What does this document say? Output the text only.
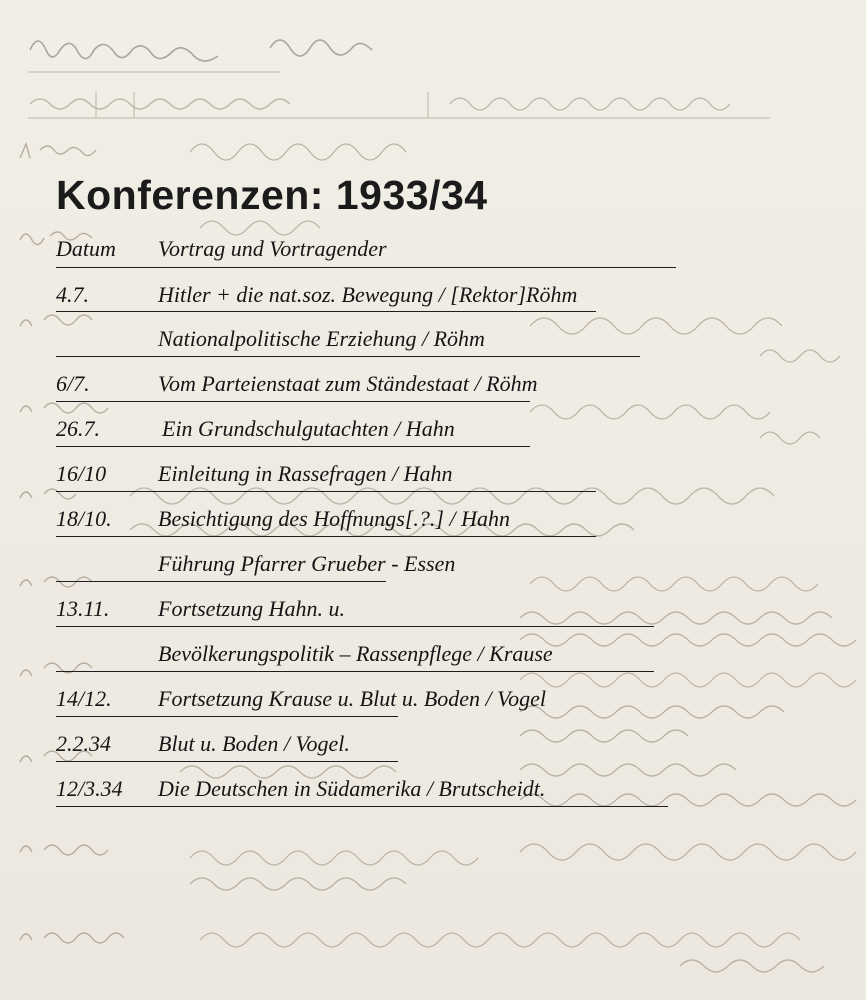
Konferenzen: 1933/34
Datum Vortrag und Vortragender
4.7.	Hitler + die nat.soz. Bewegung / [Rektor]Röhm
Nationalpolitische Erziehung / Röhm
6/7.	Vom Parteienstaat zum Ständestaat / Röhm
26.7.	Ein Grundschulgutachten / Hahn
16/10 Einleitung in Rassefragen / Hahn
18/10. Besichtigung des Hoffnungs[.?.] / Hahn
Führung Pfarrer Grueber - Essen
13.11. Fortsetzung Hahn. u.
Bevölkerungspolitik – Rassenpflege / Krause
14/12. Fortsetzung Krause u. Blut u. Boden / Vogel
2.2.34 Blut u. Boden / Vogel.
12/3.34 Die Deutschen in Südamerika / Brutscheidt.
